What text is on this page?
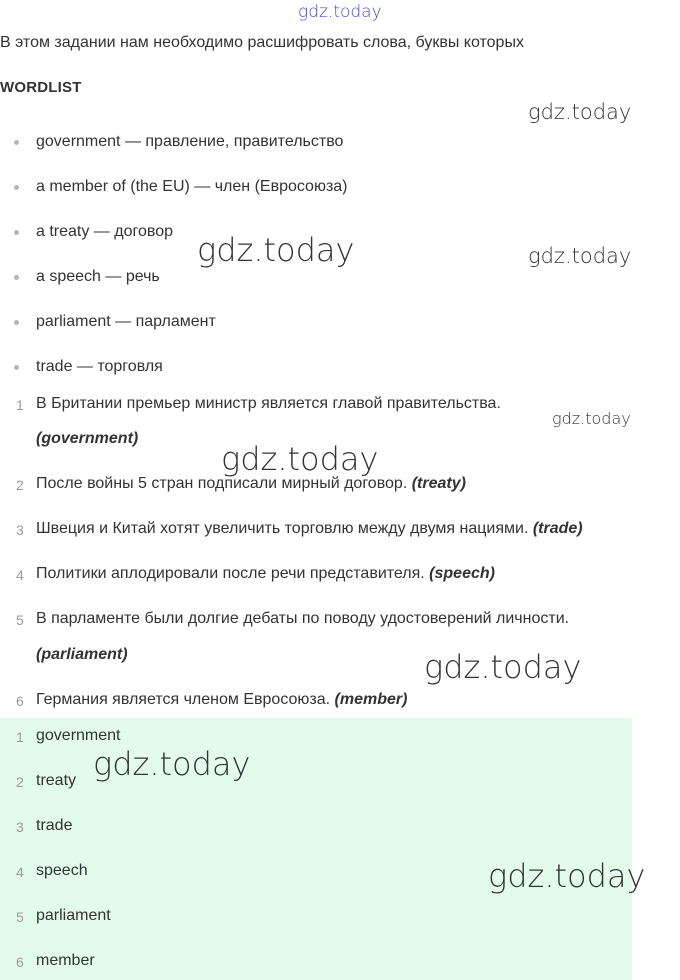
gdz.today
В этом задании нам необходимо расшифровать слова, буквы которых
WORDLIST
government — правление, правительство
a member of (the EU) — член (Евросоюза)
a treaty — договор
a speech — речь
parliament — парламент
trade — торговля
1 В Британии премьер министр является главой правительства.
(government)
2 После войны 5 стран подписали мирный договор. (treaty)
3 Швеция и Китай хотят увеличить торговлю между двумя нациями. (trade)
4 Политики аплодировали после речи представителя. (speech)
5 В парламенте были долгие дебаты по поводу удостоверений личности.
(parliament)
6 Германия является членом Евросоюза. (member)
1 government
2 treaty
3 trade
4 speech
5 parliament
6 member
gdz.today
gdz.today	gdz.today
gdz.today
gdz.today
gdz.today
gdz.today
gdz.today
